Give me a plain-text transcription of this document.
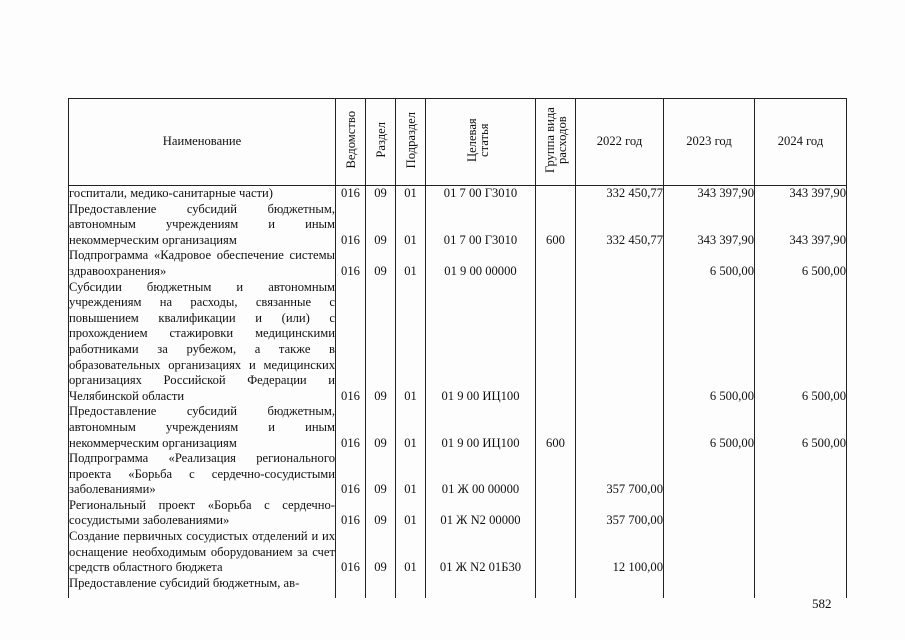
Наименование	Ведомство	Раздел	Подраздел	Целевая статья	Группа вида расходов	2022 год	2023 год	2024 год
госпитали, медико-санитарные части)	016	09	01	01 7 00 Г3010		332 450,77	343 397,90	343 397,90
Предоставление субсидий бюджетным, автономным учреждениям и иным некоммерческим организациям	016	09	01	01 7 00 Г3010	600	332 450,77	343 397,90	343 397,90
Подпрограмма «Кадровое обеспечение системы здравоохранения»	016	09	01	01 9 00 00000			6 500,00	6 500,00
Субсидии бюджетным и автономным учреждениям на расходы, связанные с повышением квалификации и (или) с прохождением стажировки медицинскими работниками за рубежом, а также в образовательных организациях и медицинских организациях Российской Федерации и Челябинской области	016	09	01	01 9 00 ИЦ100			6 500,00	6 500,00
Предоставление субсидий бюджетным, автономным учреждениям и иным некоммерческим организациям	016	09	01	01 9 00 ИЦ100	600		6 500,00	6 500,00
Подпрограмма «Реализация регионального проекта «Борьба с сердечно-сосудистыми заболеваниями»	016	09	01	01 Ж 00 00000		357 700,00		
Региональный проект «Борьба с сердечно-сосудистыми заболеваниями»	016	09	01	01 Ж N2 00000		357 700,00		
Создание первичных сосудистых отделений и их оснащение необходимым оборудованием за счет средств областного бюджета	016	09	01	01 Ж N2 01Б30		12 100,00		
Предоставление субсидий бюджетным, ав-								
582
